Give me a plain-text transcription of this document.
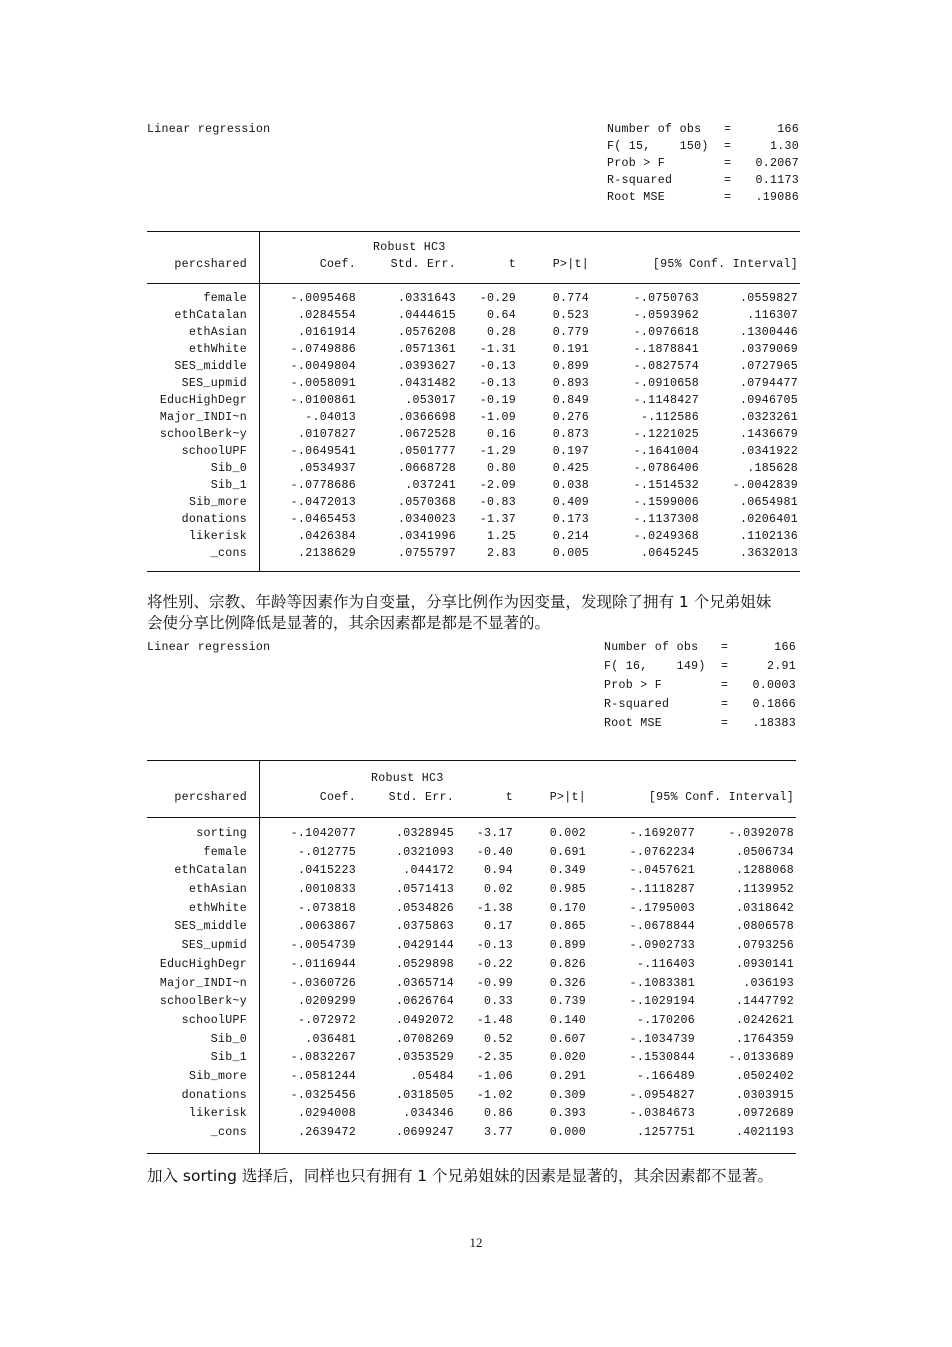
Linear regression	Number of obs =	166
F( 15,    150) =	1.30
Prob > F	= 0.2067
R-squared	= 0.1173
Root MSE	= .19086
Robust HC3
percshared	Coef.	Std. Err.	t	P>|t|	[95% Conf. Interval]
female	-.0095468	.0331643 -0.29	0.774	-.0750763	.0559827
ethCatalan	.0284554	.0444615	0.64	0.523	-.0593962	.116307
ethAsian	.0161914	.0576208	0.28	0.779	-.0976618	.1300446
ethWhite	-.0749886	.0571361 -1.31	0.191	-.1878841	.0379069
SES_middle	-.0049804	.0393627 -0.13	0.899	-.0827574	.0727965
SES_upmid	-.0058091	.0431482 -0.13	0.893	-.0910658	.0794477
EducHighDegr	-.0100861	.053017 -0.19	0.849	-.1148427	.0946705
Major_INDI~n	-.04013	.0366698 -1.09	0.276	-.112586	.0323261
schoolBerk~y	.0107827	.0672528	0.16	0.873	-.1221025	.1436679
schoolUPF	-.0649541	.0501777 -1.29	0.197	-.1641004	.0341922
Sib_0	.0534937	.0668728	0.80	0.425	-.0786406	.185628
Sib_1	-.0778686	.037241 -2.09	0.038	-.1514532	-.0042839
Sib_more	-.0472013	.0570368 -0.83	0.409	-.1599006	.0654981
donations	-.0465453	.0340023 -1.37	0.173	-.1137308	.0206401
likerisk	.0426384	.0341996	1.25	0.214	-.0249368	.1102136
_cons	.2138629	.0755797	2.83	0.005	.0645245	.3632013
将性别、宗教、年龄等因素作为自变量，分享比例作为因变量，发现除了拥有 1 个兄弟姐妹
会使分享比例降低是显著的，其余因素都是都是不显著的。
Linear regression	Number of obs =	166
F( 16,    149) =	2.91
Prob > F	= 0.0003
R-squared	= 0.1866
Root MSE	= .18383
Robust HC3
percshared	Coef.	Std. Err.	t	P>|t|	[95% Conf. Interval]
sorting	-.1042077	.0328945 -3.17	0.002	-.1692077	-.0392078
female	-.012775	.0321093 -0.40	0.691	-.0762234	.0506734
ethCatalan	.0415223	.044172	0.94	0.349	-.0457621	.1288068
ethAsian	.0010833	.0571413	0.02	0.985	-.1118287	.1139952
ethWhite	-.073818	.0534826 -1.38	0.170	-.1795003	.0318642
SES_middle	.0063867	.0375863	0.17	0.865	-.0678844	.0806578
SES_upmid	-.0054739	.0429144 -0.13	0.899	-.0902733	.0793256
EducHighDegr	-.0116944	.0529898 -0.22	0.826	-.116403	.0930141
Major_INDI~n	-.0360726	.0365714 -0.99	0.326	-.1083381	.036193
schoolBerk~y	.0209299	.0626764	0.33	0.739	-.1029194	.1447792
schoolUPF	-.072972	.0492072 -1.48	0.140	-.170206	.0242621
Sib_0	.036481	.0708269	0.52	0.607	-.1034739	.1764359
Sib_1	-.0832267	.0353529 -2.35	0.020	-.1530844	-.0133689
Sib_more	-.0581244	.05484 -1.06	0.291	-.166489	.0502402
donations	-.0325456	.0318505 -1.02	0.309	-.0954827	.0303915
likerisk	.0294008	.034346	0.86	0.393	-.0384673	.0972689
_cons	.2639472	.0699247	3.77	0.000	.1257751	.4021193
加入 sorting 选择后，同样也只有拥有 1 个兄弟姐妹的因素是显著的，其余因素都不显著。
12
